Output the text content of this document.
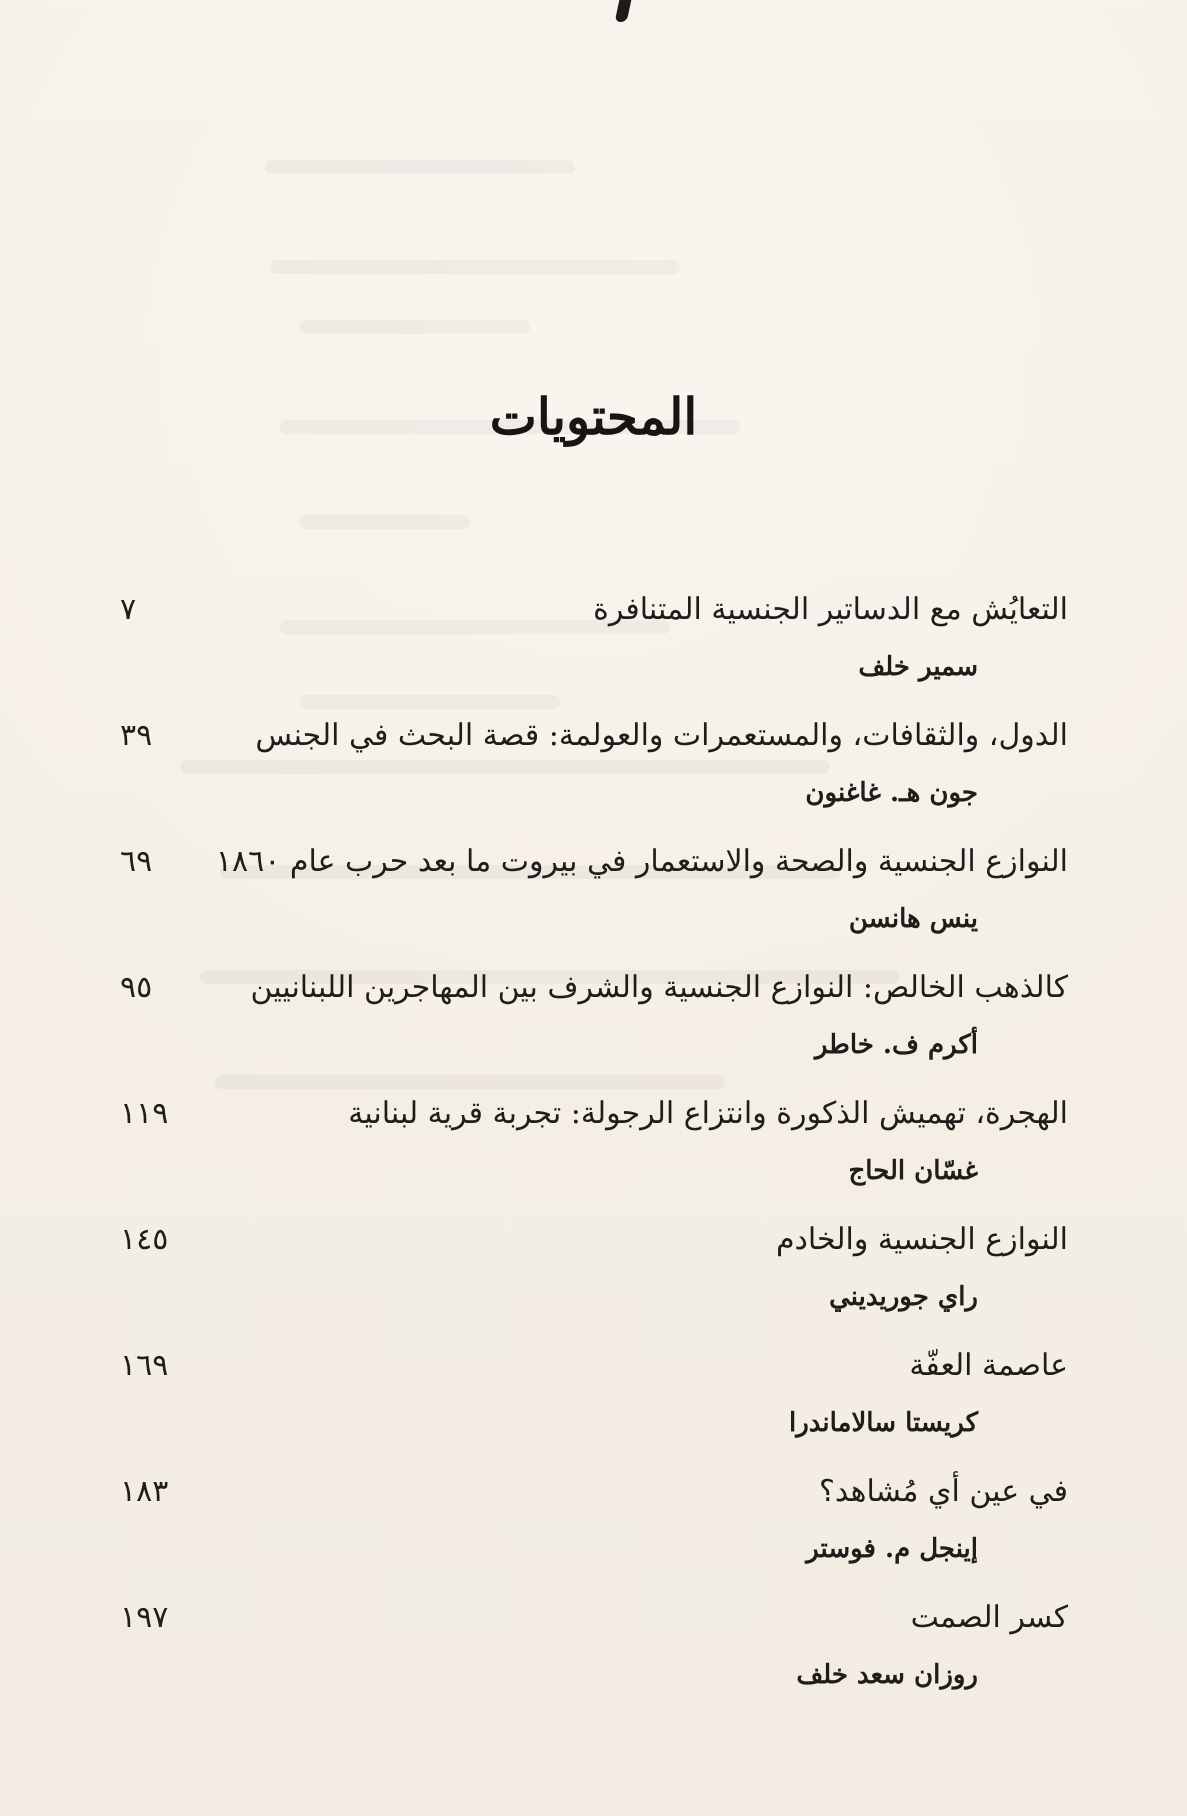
المحتويات
التعايُش مع الدساتير الجنسية المتنافرة
٧
سمير خلف
الدول، والثقافات، والمستعمرات والعولمة: قصة البحث في الجنس
٣٩
جون هـ. غاغنون
النوازع الجنسية والصحة والاستعمار في بيروت ما بعد حرب عام ١٨٦٠
٦٩
ينس هانسن
كالذهب الخالص: النوازع الجنسية والشرف بين المهاجرين اللبنانيين
٩٥
أكرم ف. خاطر
الهجرة، تهميش الذكورة وانتزاع الرجولة: تجربة قرية لبنانية
١١٩
غسّان الحاج
النوازع الجنسية والخادم
١٤٥
راي جوريديني
عاصمة العفّة
١٦٩
كريستا سالاماندرا
في عين أي مُشاهد؟
١٨٣
إينجل م. فوستر
كسر الصمت
١٩٧
روزان سعد خلف
